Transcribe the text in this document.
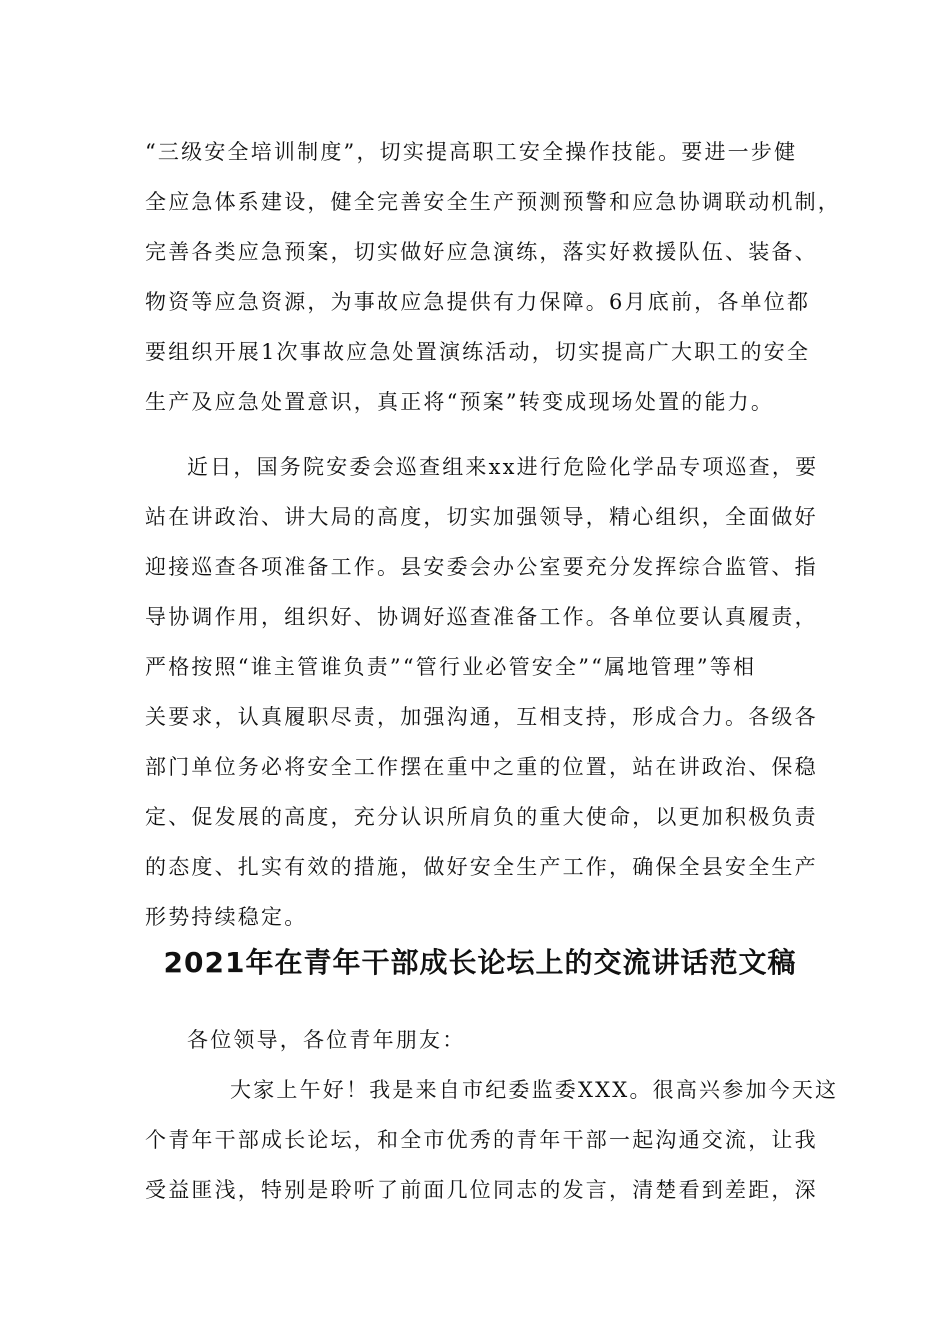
“三级安全培训制度”，切实提高职工安全操作技能。要进一步健
全应急体系建设，健全完善安全生产预测预警和应急协调联动机制，
完善各类应急预案，切实做好应急演练，落实好救援队伍、装备、
物资等应急资源，为事故应急提供有力保障。6月底前，各单位都
要组织开展1次事故应急处置演练活动，切实提高广大职工的安全
生产及应急处置意识，真正将“预案”转变成现场处置的能力。
近日，国务院安委会巡查组来xx进行危险化学品专项巡查，要
站在讲政治、讲大局的高度，切实加强领导，精心组织，全面做好
迎接巡查各项准备工作。县安委会办公室要充分发挥综合监管、指
导协调作用，组织好、协调好巡查准备工作。各单位要认真履责，
严格按照“谁主管谁负责”“管行业必管安全”“属地管理”等相
关要求，认真履职尽责，加强沟通，互相支持，形成合力。各级各
部门单位务必将安全工作摆在重中之重的位置，站在讲政治、保稳
定、促发展的高度，充分认识所肩负的重大使命，以更加积极负责
的态度、扎实有效的措施，做好安全生产工作，确保全县安全生产
形势持续稳定。
2021年在青年干部成长论坛上的交流讲话范文稿
各位领导，各位青年朋友：
大家上午好！我是来自市纪委监委XXX。很高兴参加今天这
个青年干部成长论坛，和全市优秀的青年干部一起沟通交流，让我
受益匪浅，特别是聆听了前面几位同志的发言，清楚看到差距，深
